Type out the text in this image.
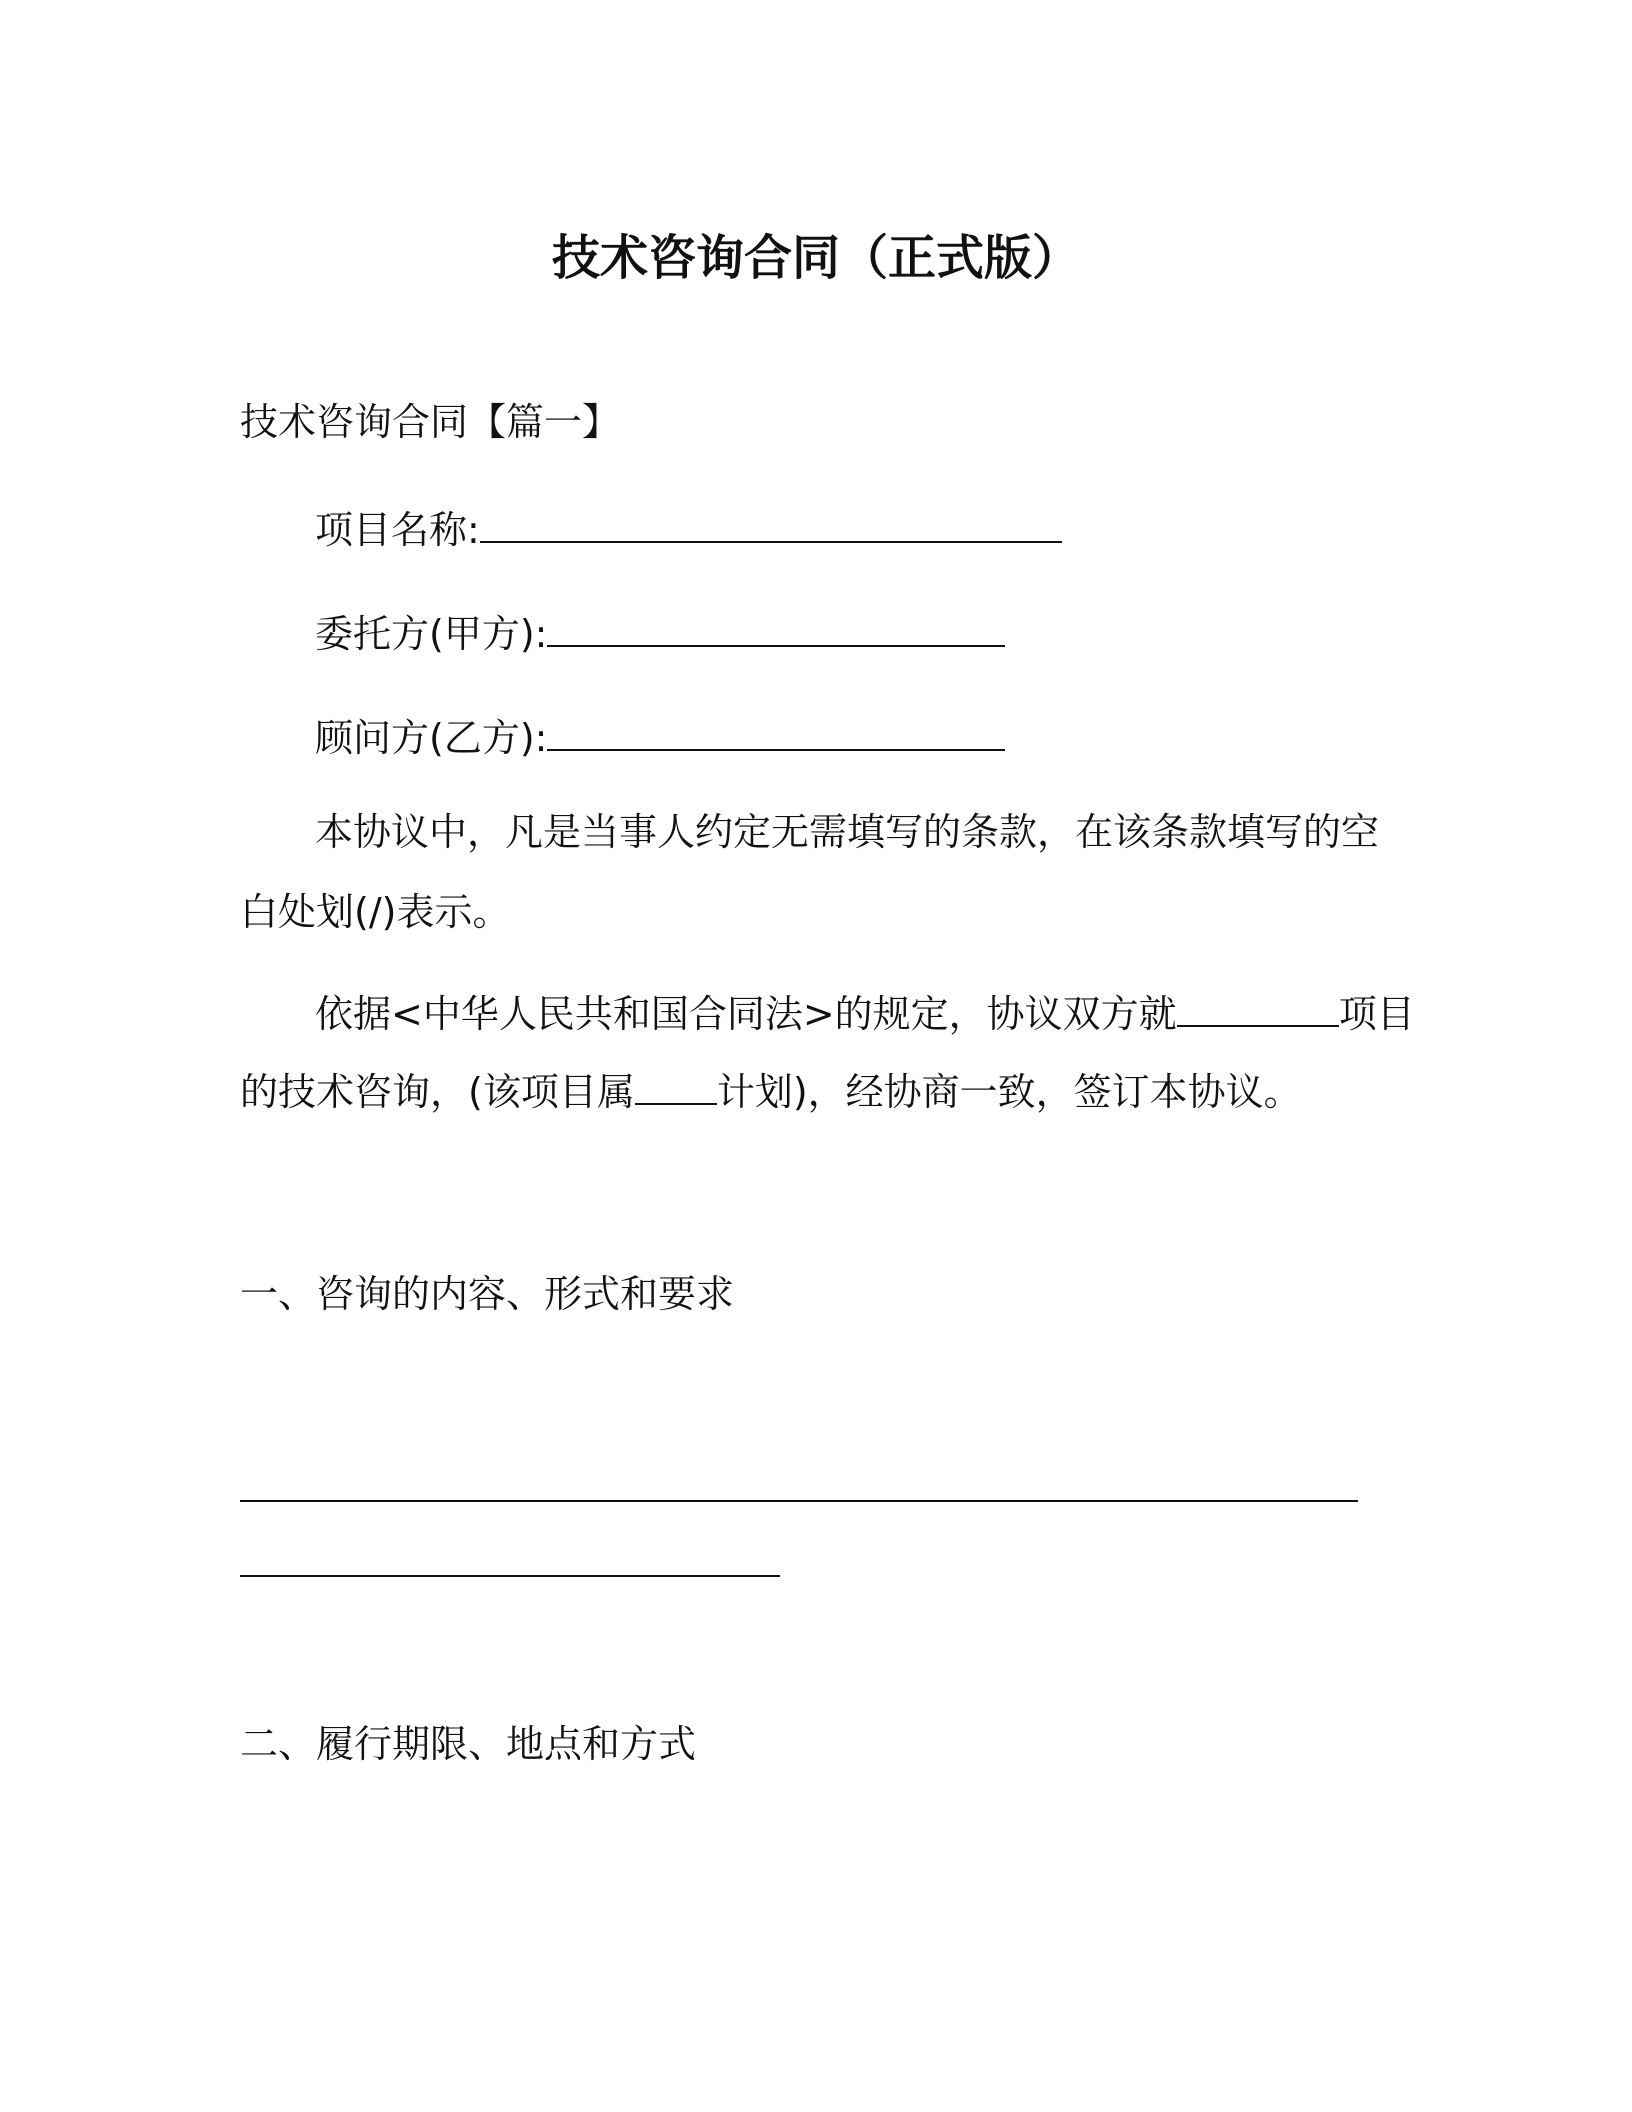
技术咨询合同（正式版）
技术咨询合同【篇一】
项目名称:
委托方(甲方):
顾问方(乙方):
本协议中，凡是当事人约定无需填写的条款，在该条款填写的空
白处划(/)表示。
依据<中华人民共和国合同法>的规定，协议双方就	项目
的技术咨询，(该项目属 计划)，经协商一致，签订本协议。
一、咨询的内容、形式和要求
二、履行期限、地点和方式
